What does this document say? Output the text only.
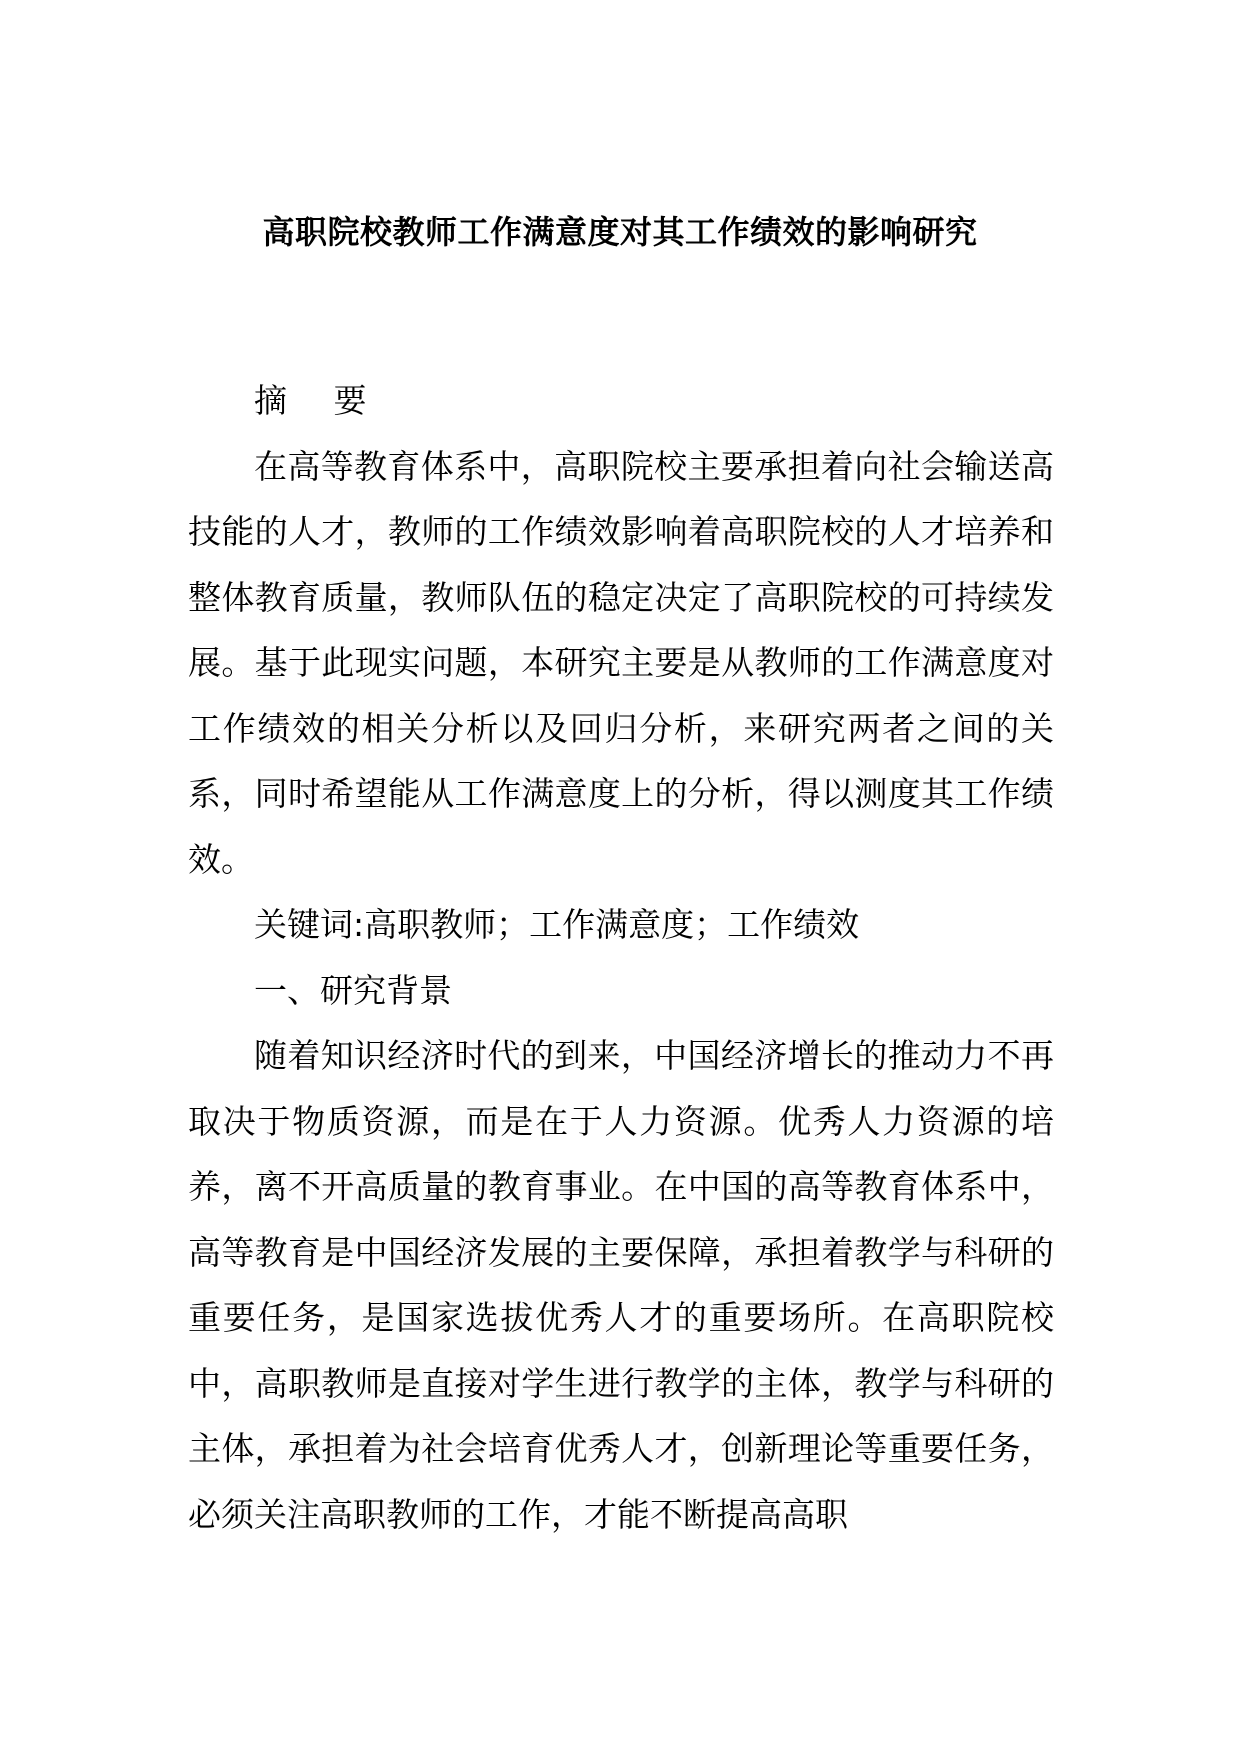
高职院校教师工作满意度对其工作绩效的影响研究

摘 要

在高等教育体系中，高职院校主要承担着向社会输送高技能的人才，教师的工作绩效影响着高职院校的人才培养和整体教育质量，教师队伍的稳定决定了高职院校的可持续发展。基于此现实问题，本研究主要是从教师的工作满意度对工作绩效的相关分析以及回归分析，来研究两者之间的关系，同时希望能从工作满意度上的分析，得以测度其工作绩效。

关键词:高职教师；工作满意度；工作绩效

一、研究背景

随着知识经济时代的到来，中国经济增长的推动力不再取决于物质资源，而是在于人力资源。优秀人力资源的培养，离不开高质量的教育事业。在中国的高等教育体系中，高等教育是中国经济发展的主要保障，承担着教学与科研的重要任务，是国家选拔优秀人才的重要场所。在高职院校中，高职教师是直接对学生进行教学的主体，教学与科研的主体，承担着为社会培育优秀人才，创新理论等重要任务，必须关注高职教师的工作，才能不断提高高职
